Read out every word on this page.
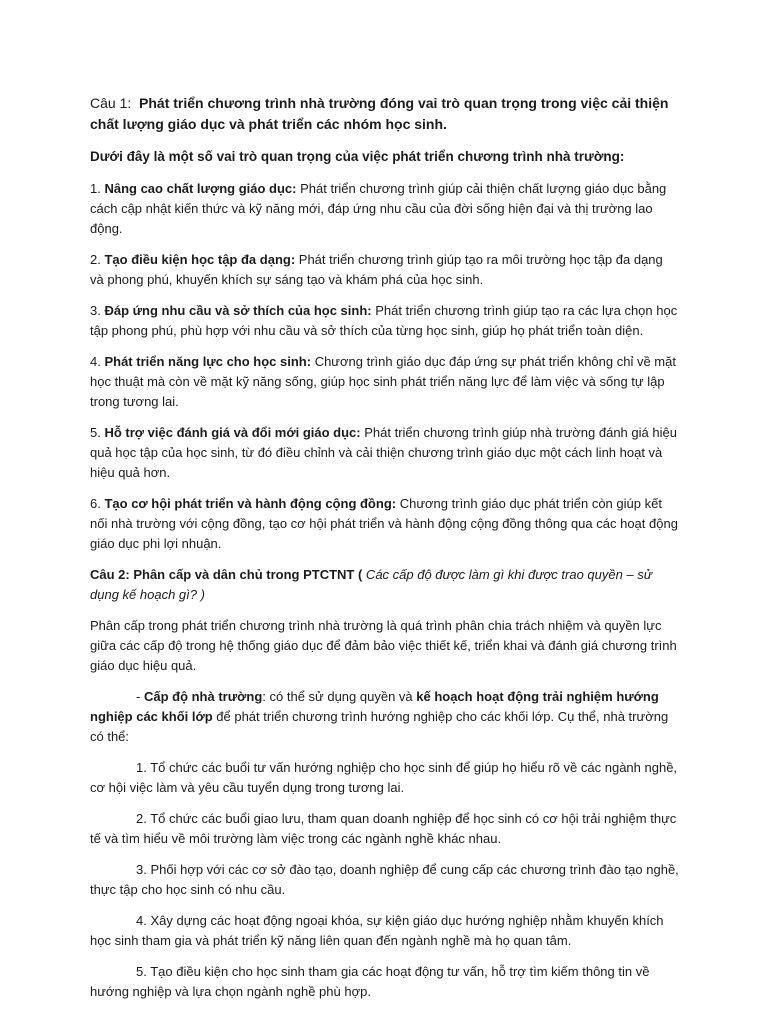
Câu 1: Phát triển chương trình nhà trường đóng vai trò quan trọng trong việc cải thiện chất lượng giáo dục và phát triển các nhóm học sinh.

Dưới đây là một số vai trò quan trọng của việc phát triển chương trình nhà trường:

1. Nâng cao chất lượng giáo dục: Phát triển chương trình giúp cải thiện chất lượng giáo dục bằng cách cập nhật kiến thức và kỹ năng mới, đáp ứng nhu cầu của đời sống hiện đại và thị trường lao động.

2. Tạo điều kiện học tập đa dạng: Phát triển chương trình giúp tạo ra môi trường học tập đa dạng và phong phú, khuyến khích sự sáng tạo và khám phá của học sinh.

3. Đáp ứng nhu cầu và sở thích của học sinh: Phát triển chương trình giúp tạo ra các lựa chọn học tập phong phú, phù hợp với nhu cầu và sở thích của từng học sinh, giúp họ phát triển toàn diện.

4. Phát triển năng lực cho học sinh: Chương trình giáo dục đáp ứng sự phát triển không chỉ về mặt học thuật mà còn về mặt kỹ năng sống, giúp học sinh phát triển năng lực để làm việc và sống tự lập trong tương lai.

5. Hỗ trợ việc đánh giá và đổi mới giáo dục: Phát triển chương trình giúp nhà trường đánh giá hiệu quả học tập của học sinh, từ đó điều chỉnh và cải thiện chương trình giáo dục một cách linh hoạt và hiệu quả hơn.

6. Tạo cơ hội phát triển và hành động cộng đồng: Chương trình giáo dục phát triển còn giúp kết nối nhà trường với cộng đồng, tạo cơ hội phát triển và hành động cộng đồng thông qua các hoạt động giáo dục phi lợi nhuận.

Câu 2: Phân cấp và dân chủ trong PTCTNT ( Các cấp độ được làm gì khi được trao quyền – sử dụng kế hoạch gì? )

Phân cấp trong phát triển chương trình nhà trường là quá trình phân chia trách nhiệm và quyền lực giữa các cấp độ trong hệ thống giáo dục để đảm bảo việc thiết kế, triển khai và đánh giá chương trình giáo dục hiệu quả.

- Cấp độ nhà trường: có thể sử dụng quyền và kế hoạch hoạt động trải nghiệm hướng nghiệp các khối lớp để phát triển chương trình hướng nghiệp cho các khối lớp. Cụ thể, nhà trường có thể:

1. Tổ chức các buổi tư vấn hướng nghiệp cho học sinh để giúp họ hiểu rõ về các ngành nghề, cơ hội việc làm và yêu cầu tuyển dụng trong tương lai.

2. Tổ chức các buổi giao lưu, tham quan doanh nghiệp để học sinh có cơ hội trải nghiệm thực tế và tìm hiểu về môi trường làm việc trong các ngành nghề khác nhau.

3. Phối hợp với các cơ sở đào tạo, doanh nghiệp để cung cấp các chương trình đào tạo nghề, thực tập cho học sinh có nhu cầu.

4. Xây dựng các hoạt động ngoại khóa, sự kiện giáo dục hướng nghiệp nhằm khuyến khích học sinh tham gia và phát triển kỹ năng liên quan đến ngành nghề mà họ quan tâm.

5. Tạo điều kiện cho học sinh tham gia các hoạt động tư vấn, hỗ trợ tìm kiếm thông tin về hướng nghiệp và lựa chọn ngành nghề phù hợp.
